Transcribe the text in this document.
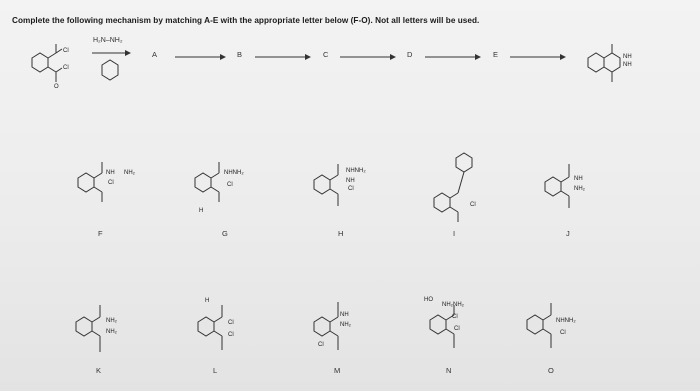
Complete the following mechanism by matching A-E with the appropriate letter below (F-O). Not all letters will be used.
Cl
Cl
O
NH
NH
NH NH₂
Cl
NHNH₂
Cl
H
NHNH₂
NH
Cl
Cl
NH
NH₂
NH₂
NH₂
H
Cl
Cl
NH
NH₂
Cl
HO
NH₂NH₂
Cl
Cl
NHNH₂
Cl
H₂N–NH₂
A	B	C	D	E
F	G	H	I	J
K	L	M	N	O
